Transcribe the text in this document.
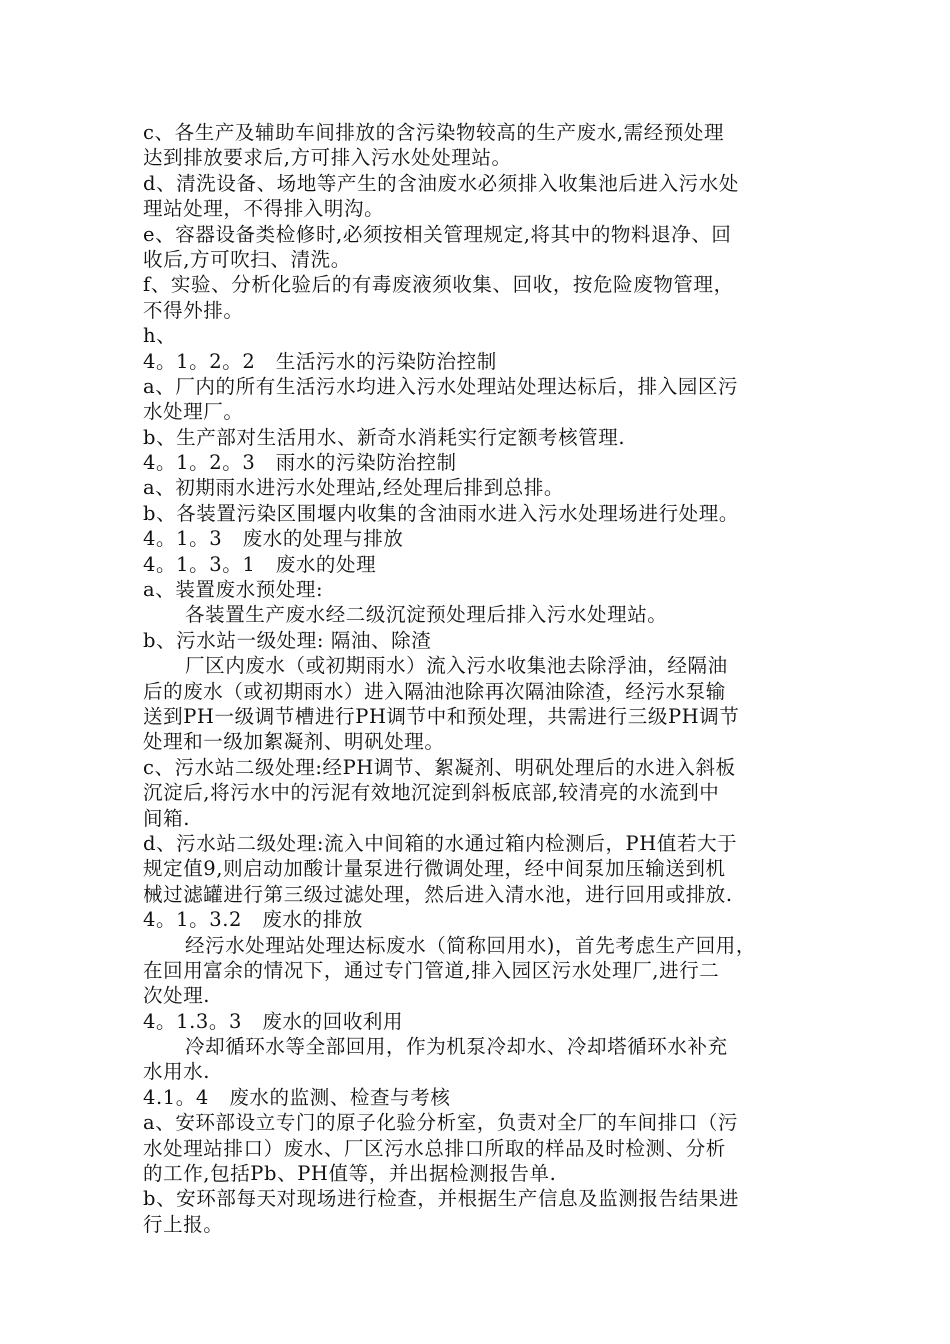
c、各生产及辅助车间排放的含污染物较高的生产废水,需经预处理
达到排放要求后,方可排入污水处处理站。
d、清洗设备、场地等产生的含油废水必须排入收集池后进入污水处
理站处理，不得排入明沟。
e、容器设备类检修时,必须按相关管理规定,将其中的物料退净、回
收后,方可吹扫、清洗。
f、实验、分析化验后的有毒废液须收集、回收，按危险废物管理，
不得外排。
h、
4。1。2。2   生活污水的污染防治控制
a、厂内的所有生活污水均进入污水处理站处理达标后，排入园区污
水处理厂。
b、生产部对生活用水、新奇水消耗实行定额考核管理.
4。1。2。3   雨水的污染防治控制
a、初期雨水进污水处理站,经处理后排到总排。
b、各装置污染区围堰内收集的含油雨水进入污水处理场进行处理。
4。1。3   废水的处理与排放
4。1。3。1   废水的处理
a、装置废水预处理:
各装置生产废水经二级沉淀预处理后排入污水处理站。
b、污水站一级处理: 隔油、除渣
厂区内废水（或初期雨水）流入污水收集池去除浮油，经隔油
后的废水（或初期雨水）进入隔油池除再次隔油除渣，经污水泵输
送到PH一级调节槽进行PH调节中和预处理，共需进行三级PH调节
处理和一级加絮凝剂、明矾处理。
c、污水站二级处理:经PH调节、絮凝剂、明矾处理后的水进入斜板
沉淀后,将污水中的污泥有效地沉淀到斜板底部,较清亮的水流到中
间箱.
d、污水站二级处理:流入中间箱的水通过箱内检测后，PH值若大于
规定值9,则启动加酸计量泵进行微调处理，经中间泵加压输送到机
械过滤罐进行第三级过滤处理，然后进入清水池，进行回用或排放.
4。1。3.2   废水的排放
经污水处理站处理达标废水（简称回用水)，首先考虑生产回用，
在回用富余的情况下，通过专门管道,排入园区污水处理厂,进行二
次处理.
4。1.3。3   废水的回收利用
冷却循环水等全部回用，作为机泵冷却水、冷却塔循环水补充
水用水.
4.1。4   废水的监测、检查与考核
a、安环部设立专门的原子化验分析室，负责对全厂的车间排口（污
水处理站排口）废水、厂区污水总排口所取的样品及时检测、分析
的工作,包括Pb、PH值等，并出据检测报告单.
b、安环部每天对现场进行检查，并根据生产信息及监测报告结果进
行上报。
